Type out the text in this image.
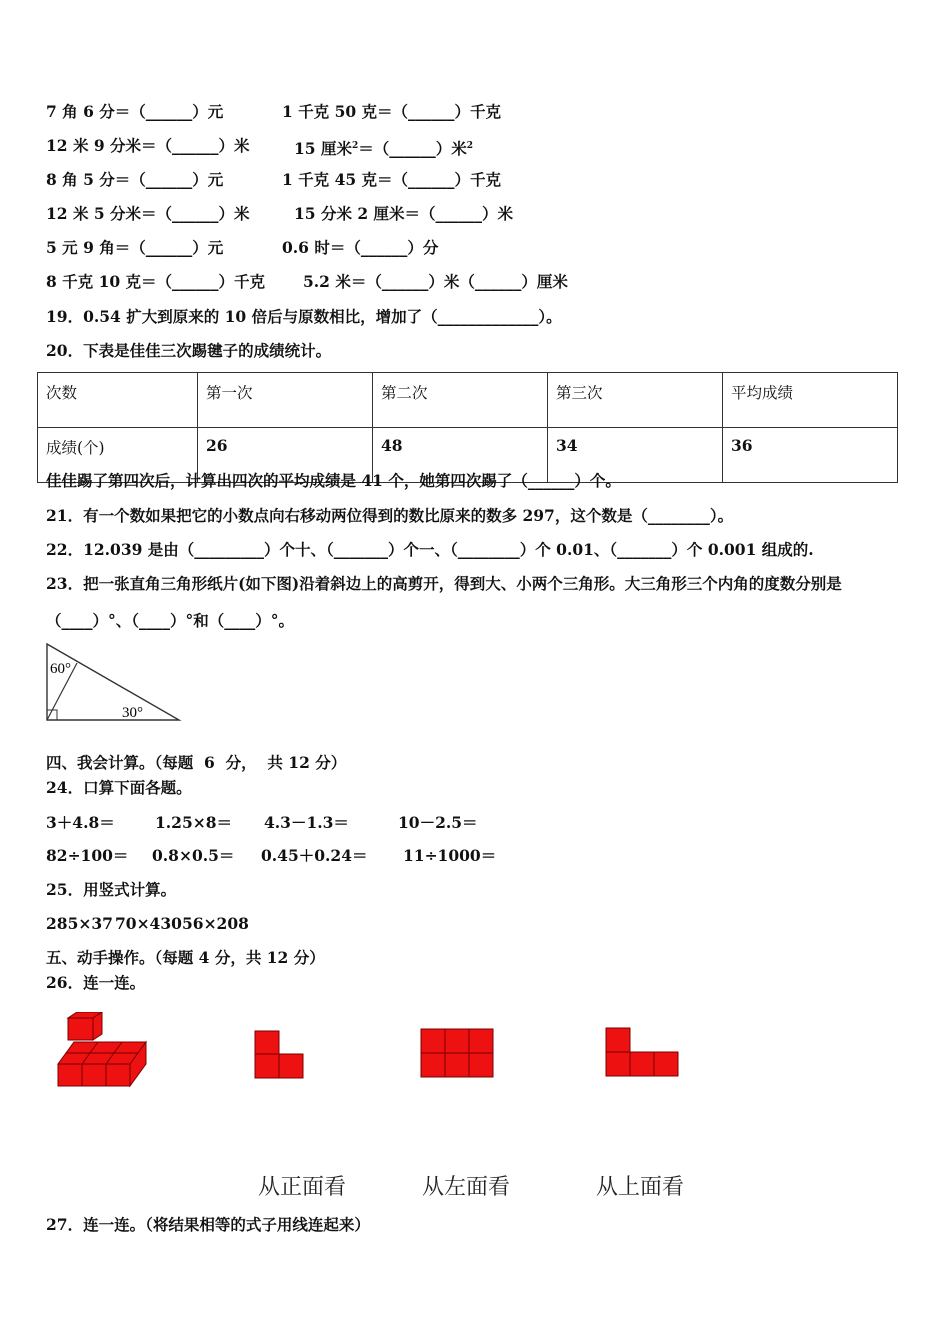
7 角 6 分＝（______）元	1 千克 50 克＝（______）千克
12 米 9 分米＝（______）米	15 厘米$^2$＝（______）米$^2$
8 角 5 分＝（______）元	1 千克 45 克＝（______）千克
12 米 5 分米＝（______）米	15 分米 2 厘米＝（______）米
5 元 9 角＝（______）元	0.6 时＝（______）分
8 千克 10 克＝（______）千克 5.2 米＝（______）米（______）厘米
19．0.54 扩大到原来的 10 倍后与原数相比，增加了（_____________）。
20．下表是佳佳三次踢毽子的成绩统计。
次数	第一次	第二次	第三次	平均成绩
成绩(个)	26	48	34	36
佳佳踢了第四次后，计算出四次的平均成绩是 41 个，她第四次踢了（______）个。
21．有一个数如果把它的小数点向右移动两位得到的数比原来的数多 297，这个数是（________）。
22．12.039 是由（_________）个十、（_______）个一、（________）个 0.01、（_______）个 0.001 组成的.
23．把一张直角三角形纸片(如下图)沿着斜边上的高剪开，得到大、小两个三角形。大三角形三个内角的度数分别是
（____）°、（____）°和（____）°。
60°
30°
四、我会计算。（每题  6  分，  共 12 分）
24．口算下面各题。
3＋4.8＝	1.25×8＝ 4.3－1.3＝	10－2.5＝
82÷100＝ 0.8×0.5＝ 0.45＋0.24＝ 11÷1000＝
25．用竖式计算。
285×37 70×430 56×208
五、动手操作。（每题 4 分，共 12 分）
26．连一连。
从正面看	从左面看	从上面看
27．连一连。（将结果相等的式子用线连起来）
